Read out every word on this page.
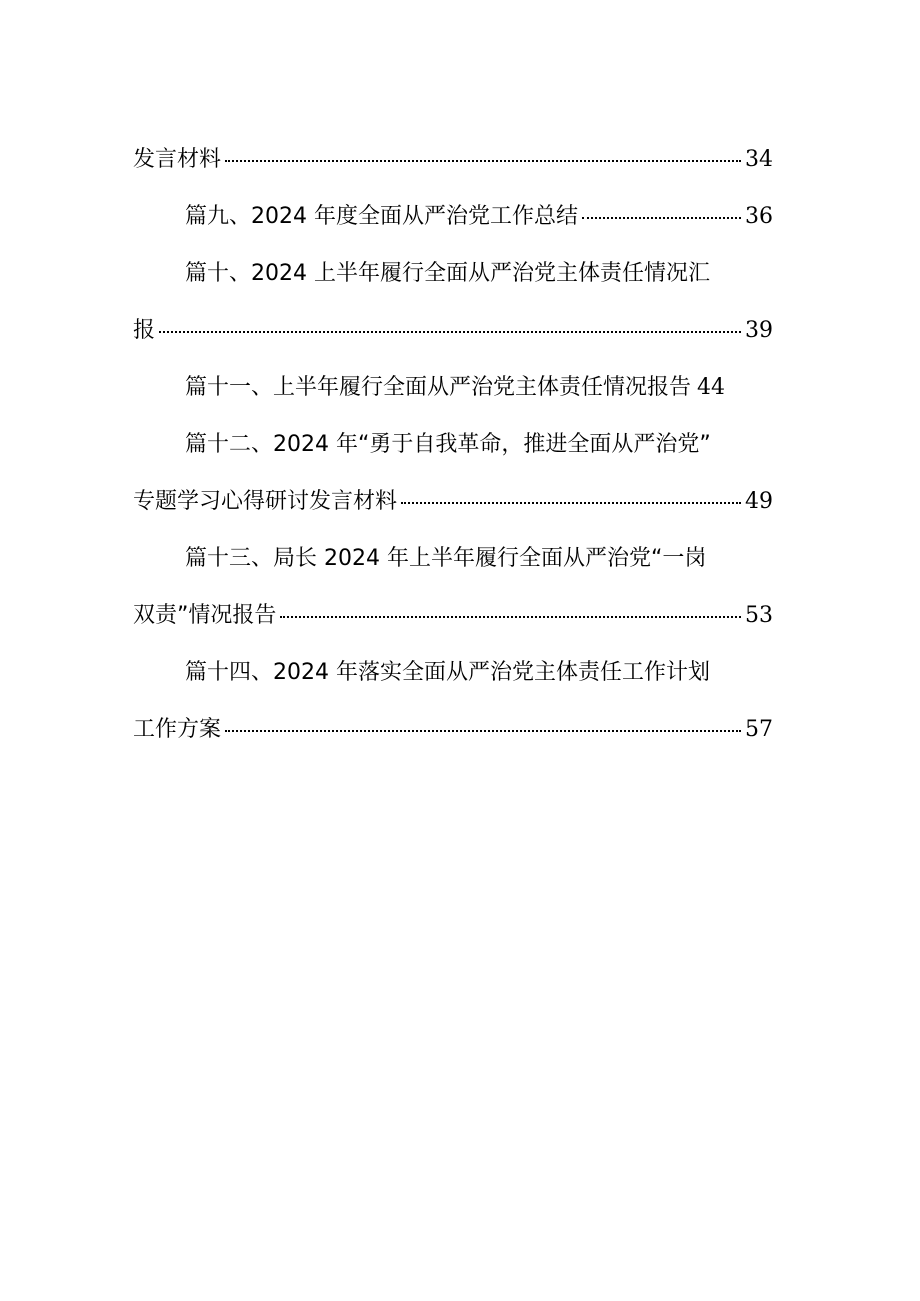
发言材料	34
篇九、2024 年度全面从严治党工作总结	36
篇十、2024 上半年履行全面从严治党主体责任情况汇
报	39
篇十一、上半年履行全面从严治党主体责任情况报告 44
篇十二、2024 年“勇于自我革命，推进全面从严治党”
专题学习心得研讨发言材料	49
篇十三、局长 2024 年上半年履行全面从严治党“一岗
双责”情况报告	53
篇十四、2024 年落实全面从严治党主体责任工作计划
工作方案	57
